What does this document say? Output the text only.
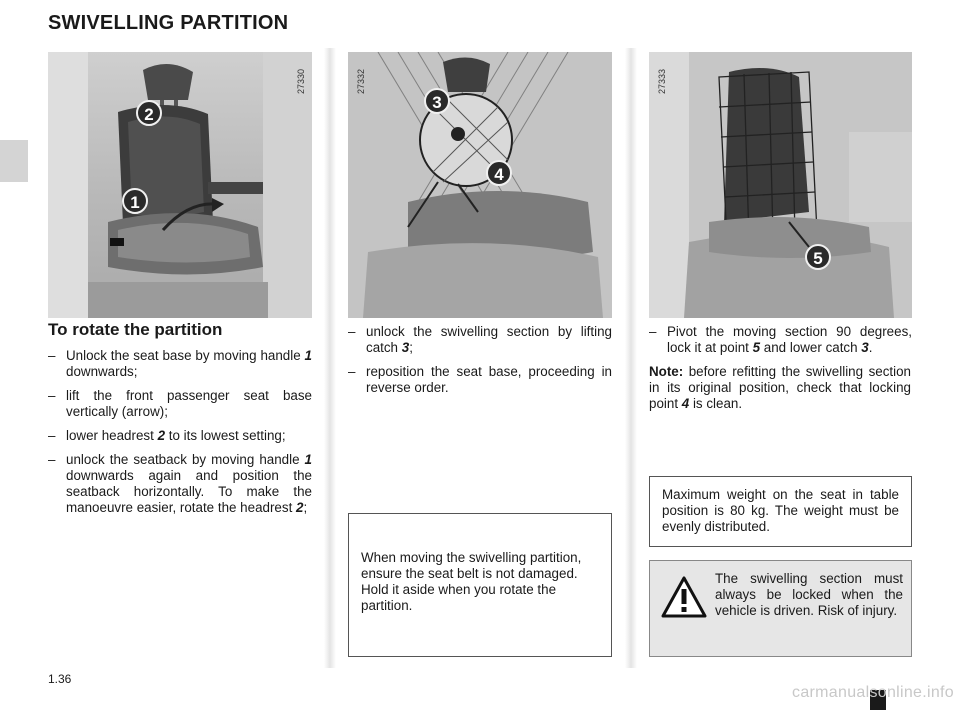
SWIVELLING PARTITION
27330
2
1
27332
3
4
27333
5
To rotate the partition
– Unlock the seat base by moving handle 1 downwards;
– lift the front passenger seat base vertically (arrow);
– lower headrest 2 to its lowest setting;
– unlock the seatback by moving handle 1 downwards again and position the seatback horizontally. To make the manoeuvre easier, rotate the headrest 2;
– unlock the swivelling section by lifting catch 3;
– reposition the seat base, proceeding in reverse order.
When moving the swivelling partition, ensure the seat belt is not damaged. Hold it aside when you rotate the partition.
– Pivot the moving section 90 degrees, lock it at point 5 and lower catch 3.
Note: before refitting the swivelling section in its original position, check that locking point 4 is clean.
Maximum weight on the seat in table position is 80 kg. The weight must be evenly distributed.
The swivelling section must always be locked when the vehicle is driven. Risk of injury.
1.36
carmanualsonline.info
